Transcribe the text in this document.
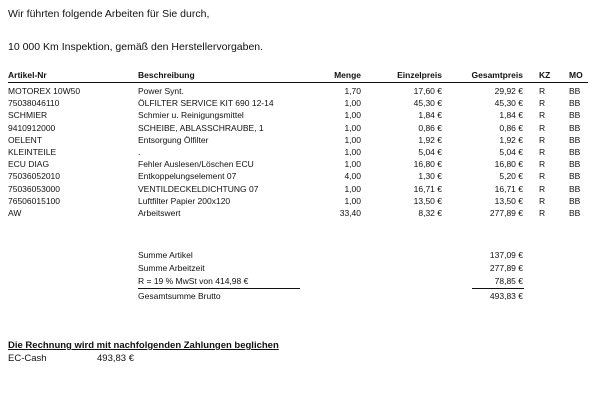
Wir führten folgende Arbeiten für Sie durch,
10 000 Km Inspektion, gemäß den Herstellervorgaben.
Artikel-Nr	Beschreibung	Menge	Einzelpreis	Gesamtpreis KZ MO
MOTOREX 10W50	Power Synt.	1,70	17,60 €	29,92 € R	BB
75038046110	ÖLFILTER SERVICE KIT 690 12-14	1,00	45,30 €	45,30 € R	BB
SCHMIER	Schmier u. Reinigungsmittel	1,00	1,84 €	1,84 € R	BB
9410912000	SCHEIBE, ABLASSCHRAUBE, 1	1,00	0,86 €	0,86 € R	BB
OELENT	Entsorgung Ölfilter	1,00	1,92 €	1,92 € R	BB
KLEINTEILE	.	1,00	5,04 €	5,04 € R	BB
ECU DIAG	Fehler Auslesen/Löschen ECU	1,00	16,80 €	16,80 € R	BB
75036052010	Entkoppelungselement 07	4,00	1,30 €	5,20 € R	BB
75036053000	VENTILDECKELDICHTUNG 07	1,00	16,71 €	16,71 € R	BB
76506015100	Luftfilter Papier 200x120	1,00	13,50 €	13,50 € R	BB
AW	Arbeitswert	33,40	8,32 €	277,89 € R	BB
Summe Artikel	137,09 €
Summe Arbeitzeit	277,89 €
R = 19 % MwSt von 414,98 €	78,85 €
Gesamtsumme Brutto	493,83 €
Die Rechnung wird mit nachfolgenden Zahlungen beglichen
EC-Cash	493,83 €
